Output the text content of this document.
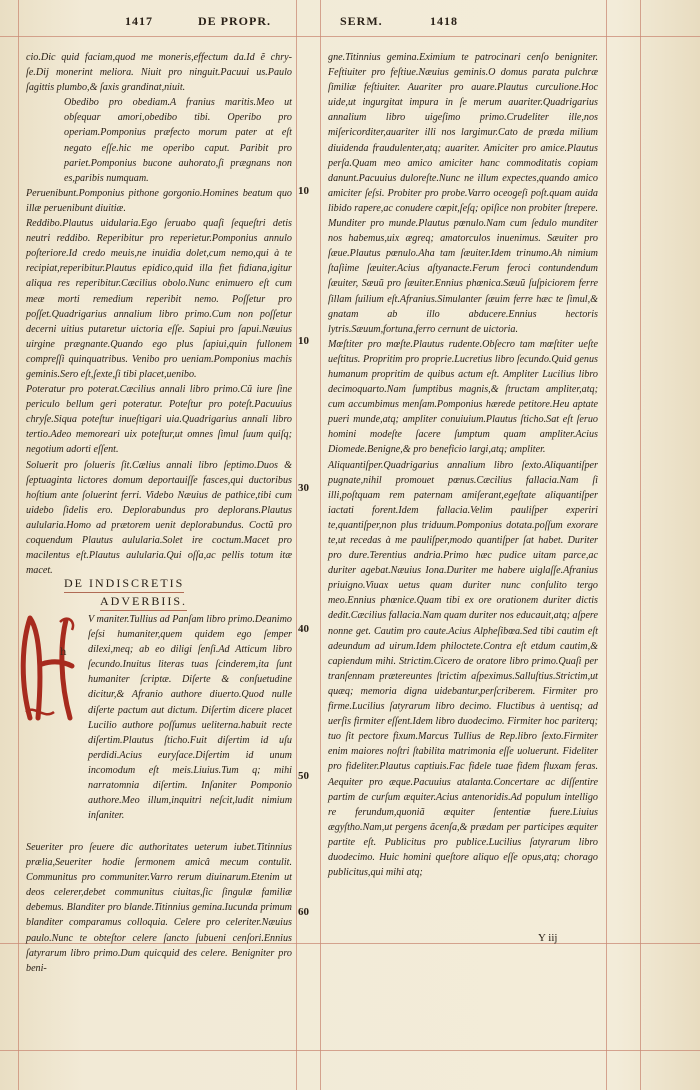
1417	DE PROPR.	SERM.	1418

cio.Dic quid faciam,quod me moneris,effectum da.Id ẽ chry-ſe.Dij monerint meliora. Niuit pro ninguit.Pacuui us.Paulo ſagittis plumbo,& ſaxis grandinat,niuit.

Obedibo pro obediam.A franius maritis.Meo ut obſequar amori,obedibo tibi. Operibo pro operiam.Pomponius præfecto morum pater at eſt negato eſſe.hic me operibo caput. Paribit pro pariet.Pomponius bucone auhorato,ſi prægnans non es,paribis numquam.

Peruenibunt.Pomponius pithone gorgonio.Homines beatum quo illæ peruenibunt diuitiæ.

Reddibo.Plautus uidularia.Ego ſeruabo quaſi ſequeſtri detis neutri reddibo. Reperibitur pro reperietur.Pomponius annulo poſteriore.Id credo meuis,ne inuidia dolet,cum nemo,qui à te recipiat,reperibitur.Plautus epidico,quid illa fiet fidiana,igitur aliqua res reperibitur.Cæcilius obolo.Nunc enimuero eſt cum meæ morti remedium reperibit nemo. Poſſetur pro poſſet.Quadrigarius annalium libro primo.Cum non poſſetur decerni uitius putaretur uictoria eſſe. Sapiui pro ſapui.Næuius uirgine prægnante.Quando ego plus ſapiui,quin fullonem compreſſi quinquatribus. Venibo pro ueniam.Pomponius machis geminis.Sero eſt,ſexte,ſi tibi placet,uenibo.

Poteratur pro poterat.Cæcilius annali libro primo.Cũ iure ſine periculo bellum geri poteratur. Poteſtur pro poteſt.Pacuuius chryſe.Siqua poteſtur inueſtigari uia.Quadrigarius annali libro tertio.Adeo memoreari uix poteſtur,ut omnes ſimul ſuum quiſq; negotium adorti eſſent.

Soluerit pro ſolueris ſit.Cælius annali libro ſeptimo.Duos & ſeptuaginta lictores domum deportauiſſe fasces,qui ductoribus hoſtium ante ſoluerint ferri. Videbo Næuius de pathice,tibi cum uidebo ſidelis ero. Deplorabundus pro deplorans.Plautus aulularia.Homo ad prætorem uenit deplorabundus. Coctũ pro coquendum Plautus aulularia.Solet ire coctum.Macet pro macilentus eſt.Plautus aulularia.Qui oſſa,ac pellis totum itæ macet.

DE INDISCRETIS
ADVERBIIS.
h

V maniter.Tullius ad Panſam libro primo.Deanimo ſeſsi humaniter,quem quidem ego ſemper dilexi,meq; ab eo diligi ſenſi.Ad Atticum libro ſecundo.Inuitus literas tuas ſcinderem,ita ſunt humaniter ſcriptæ. Diſerte & conſuetudine dicitur,& Afranio authore diuerto.Quod nulle diſerte pactum aut dictum. Diſertim dicere placet Lucilio authore poſſumus ueliterna.habuit recte diſertim.Plautus ſticho.Fuit diſertim id uſu perdidi.Acius euryſace.Diſertim id unum incomodum eſt meis.Liuius.Tum q; mihi narratomnia diſertim. Inſaniter Pomponio authore.Meo illum,inquitri neſcit,ludit nimium inſaniter.

Seueriter pro ſeuere dic authoritates ueterum iubet.Titinnius prælia,Seueriter hodie ſermonem amicâ mecum contulit. Communitus pro communiter.Varro rerum diuinarum.Etenim ut deos celerer,debet communitus ciuitas,ſic ſingulæ familiæ debemus. Blanditer pro blande.Titinnius gemina.Iucunda primum blanditer comparamus colloquia. Celere pro celeriter.Næuius paulo.Nunc te obteſtor celere ſancto ſubueni cenſori.Ennius ſatyrarum libro primo.Dum quicquid des celere. Benigniter pro beni-

10
10
30
40
50
60

gne.Titinnius gemina.Eximium te patrocinari cenſo benigniter. Feſtiuiter pro feſtiue.Næuius geminis.O domus parata pulchræ ſimiliæ feſtiuiter. Auariter pro auare.Plautus curculione.Hoc uide,ut ingurgitat impura in ſe merum auariter.Quadrigarius annalium libro uigeſimo primo.Crudeliter ille,nos miſericorditer,auariter illi nos largimur.Cato de præda milium diuidenda fraudulenter,atq; auariter. Amiciter pro amice.Plautus perſa.Quam meo amico amiciter hanc commoditatis copiam danunt.Pacuuius duloreſte.Nunc ne illum expectes,quando amico amiciter ſeſsi. Probiter pro probe.Varro oceogeſi poſt.quam auida libido rapere,ac conudere cœpit,ſeſq; opiſice non probiter ſtrepere. Munditer pro munde.Plautus pœnulo.Nam cum ſedulo munditer nos habemus,uix ægreq; amatorculos inuenimus. Sæuiter pro ſæue.Plautus pœnulo.Aha tam ſæuiter.Idem trinumo.Ah nimium ſtaſiime ſæuiter.Acius aſtyanacte.Ferum feroci contundendum ſæuiter, Sæuũ pro ſæuiter.Ennius phœnica.Sæuũ ſuſpiciorem ferre ſillam ſuilium eſt.Afranius.Simulanter ſæuim ferre hæc te ſimul,& gnatam ab illo abducere.Ennius hectoris lytris.Sæuum,fortuna,ferro cernunt de uictoria.

Mœſtiter pro mœſte.Plautus rudente.Obſecro tam mœſtiter ueſte ueſtitus. Propritim pro proprie.Lucretius libro ſecundo.Quid genus humanum propritim de quibus actum eſt. Ampliter Lucilius libro decimoquarto.Nam ſumptibus magnis,& ſtructam ampliter,atq; cum accumbimus menſam.Pomponius hærede petitore.Heu aptate pueri munde,atq; ampliter conuiuium.Plautus ſticho.Sat eſt ſeruo homini modeſte ſacere ſumptum quam ampliter.Acius Diomede.Benigne,& pro beneficio largi,atq; ampliter.

Aliquantiſper.Quadrigarius annalium libro ſexto.Aliquantiſper pugnate,nihil promouet pœnus.Cæcilius fallacia.Nam ſi illi,poſtquam rem paternam amiſerant,egeſtate aliquantiſper iactati forent.Idem fallacia.Velim pauliſper experiri te,quantiſper,non plus triduum.Pomponius dotata.poſſum exorare te,ut recedas à me pauliſper,modo quantiſper ſat habet. Duriter pro dure.Terentius andria.Primo hæc pudice uitam parce,ac duriter agebat.Næuius Iona.Duriter me habere uiglaſſe.Afranius priuigno.Viuax uetus quam duriter nunc conſulito tergo meo.Ennius phœnice.Quam tibi ex ore orationem duriter dictis dedit.Cæcilius fallacia.Nam quam duriter nos educauit,atq; aſpere nonne get. Cautim pro caute.Acius Alpheſibœa.Sed tibi cautim eſt adeundum ad uirum.Idem philoctete.Contra eſt etdum cautim,& capiendum mihi. Strictim.Cicero de oratore libro primo.Quaſi per tranſennam prætereuntes ſtrictim aſpeximus.Salluſtius.Strictim,ut quæq; memoria digna uidebantur,perſcriberem. Firmiter pro firme.Lucilius ſatyrarum libro decimo. Fluctibus à uentisq; ad uerſis firmiter eſſent.Idem libro duodecimo. Firmiter hoc pariterq; tuo ſit pectore fixum.Marcus Tullius de Rep.libro ſexto.Firmiter enim maiores noſtri ſtabilita matrimonia eſſe uoluerunt. Fideliter pro fideliter.Plautus captiuis.Fac fidele tuae fidem fluxam feras. Aequiter pro æque.Pacuuius atalanta.Concertare ac diſſentire partim de curſum æquiter.Acius antenoridis.Ad populum intelligo re ferundum,quoniã æquiter ſententiæ fuere.Liuius ægyſtho.Nam,ut pergens ãcenſa,& prædam per participes æquiter partite eſt. Publicitus pro publice.Lucilius ſatyrarum libro duodecimo. Huic homini queſtore aliquo eſſe opus,atq; chorago publicitus,qui mihi atq;

Y iij
